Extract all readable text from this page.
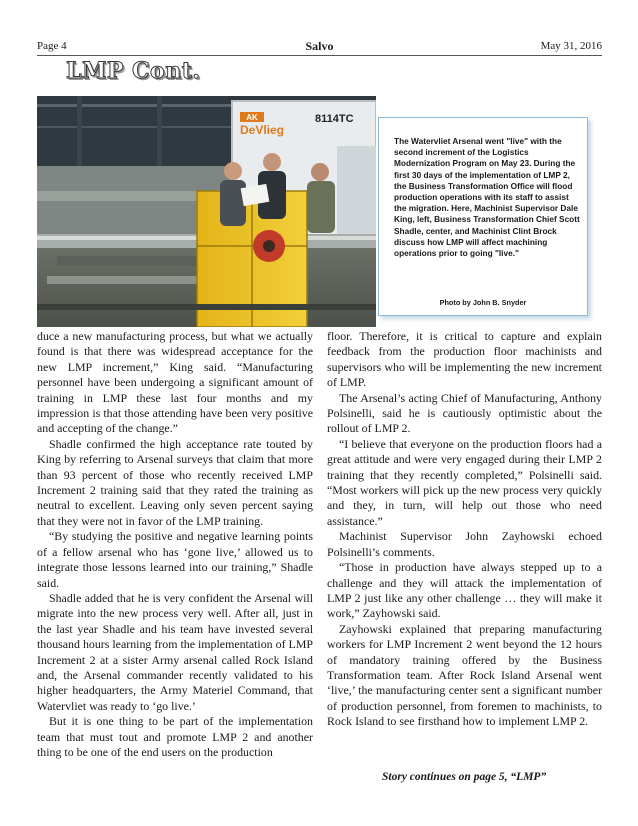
Page 4	Salvo	May 31, 2016
LMP Cont.
AK
DeVlieg
8114TC
The Watervliet Arsenal went "live" with the second increment of the Logistics Modernization Program on May 23. During the first 30 days of the implementation of LMP 2, the Business Transformation Office will flood production operations with its staff to assist the migration. Here, Machinist Supervisor Dale King, left, Business Transformation Chief Scott Shadle, center, and Machinist Clint Brock discuss how LMP will affect machining operations prior to going "live."
Photo by John B. Snyder

duce a new manufacturing process, but what we actually found is that there was widespread acceptance for the new LMP increment,” King said. “Manufacturing personnel have been undergoing a significant amount of training in LMP these last four months and my impression is that those attending have been very positive and accepting of the change.”

Shadle confirmed the high acceptance rate touted by King by referring to Arsenal surveys that claim that more than 93 percent of those who recently received LMP Increment 2 training said that they rated the training as neutral to excellent. Leaving only seven percent saying that they were not in favor of the LMP training.

“By studying the positive and negative learning points of a fellow arsenal who has ‘gone live,’ allowed us to integrate those lessons learned into our training,” Shadle said.

Shadle added that he is very confident the Arsenal will migrate into the new process very well. After all, just in the last year Shadle and his team have invested several thousand hours learning from the implementation of LMP Increment 2 at a sister Army arsenal called Rock Island and, the Arsenal commander recently validated to his higher headquarters, the Army Materiel Command, that Watervliet was ready to ‘go live.’

But it is one thing to be part of the implementation team that must tout and promote LMP 2 and another thing to be one of the end users on the production

floor. Therefore, it is critical to capture and explain feedback from the production floor machinists and supervisors who will be implementing the new increment of LMP.

The Arsenal’s acting Chief of Manufacturing, Anthony Polsinelli, said he is cautiously optimistic about the rollout of LMP 2.

“I believe that everyone on the production floors had a great attitude and were very engaged during their LMP 2 training that they recently completed,” Polsinelli said. “Most workers will pick up the new process very quickly and they, in turn, will help out those who need assistance.”

Machinist Supervisor John Zayhowski echoed Polsinelli’s comments.

“Those in production have always stepped up to a challenge and they will attack the implementation of LMP 2 just like any other challenge … they will make it work,” Zayhowski said.

Zayhowski explained that preparing manufacturing workers for LMP Increment 2 went beyond the 12 hours of mandatory training offered by the Business Transformation team. After Rock Island Arsenal went ‘live,’ the manufacturing center sent a significant number of production personnel, from foremen to machinists, to Rock Island to see firsthand how to implement LMP 2.

Story continues on page 5, “LMP”
